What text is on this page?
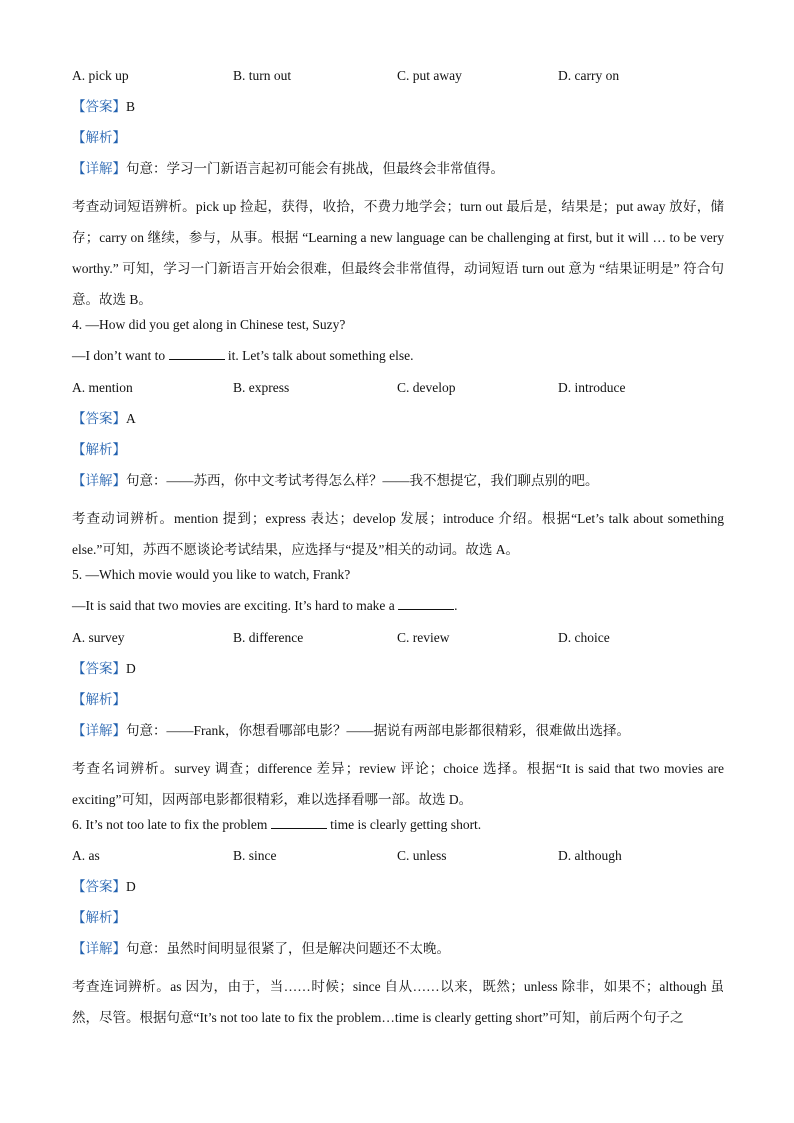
A. pick up	B. turn out	C. put away	D. carry on
【答案】B
【解析】
【详解】句意：学习一门新语言起初可能会有挑战，但最终会非常值得。
考查动词短语辨析。pick up 捡起，获得，收拾，不费力地学会；turn out 最后是，结果是；put away 放好，储存；carry on 继续，参与，从事。根据 “Learning a new language can be challenging at first, but it will … to be very worthy.” 可知，学习一门新语言开始会很难，但最终会非常值得，动词短语 turn out 意为 “结果证明是” 符合句意。故选 B。
4. —How did you get along in Chinese test, Suzy?
—I don’t want to	it. Let’s talk about something else.
A. mention	B. express	C. develop	D. introduce
【答案】A
【解析】
【详解】句意：——苏西，你中文考试考得怎么样？——我不想提它，我们聊点别的吧。
考查动词辨析。mention 提到；express 表达；develop 发展；introduce 介绍。根据“Let’s talk about something else.”可知，苏西不愿谈论考试结果，应选择与“提及”相关的动词。故选 A。
5. —Which movie would you like to watch, Frank?
—It is said that two movies are exciting. It’s hard to make a	.
A. survey	B. difference	C. review	D. choice
【答案】D
【解析】
【详解】句意：——Frank，你想看哪部电影？——据说有两部电影都很精彩，很难做出选择。
考查名词辨析。survey 调查；difference 差异；review 评论；choice 选择。根据“It is said that two movies are exciting”可知，因两部电影都很精彩，难以选择看哪一部。故选 D。
6. It’s not too late to fix the problem	time is clearly getting short.
A. as	B. since	C. unless	D. although
【答案】D
【解析】
【详解】句意：虽然时间明显很紧了，但是解决问题还不太晚。
考查连词辨析。as 因为，由于，当……时候；since 自从……以来，既然；unless 除非，如果不；although 虽然，尽管。根据句意“It’s not too late to fix the problem…time is clearly getting short”可知，前后两个句子之
